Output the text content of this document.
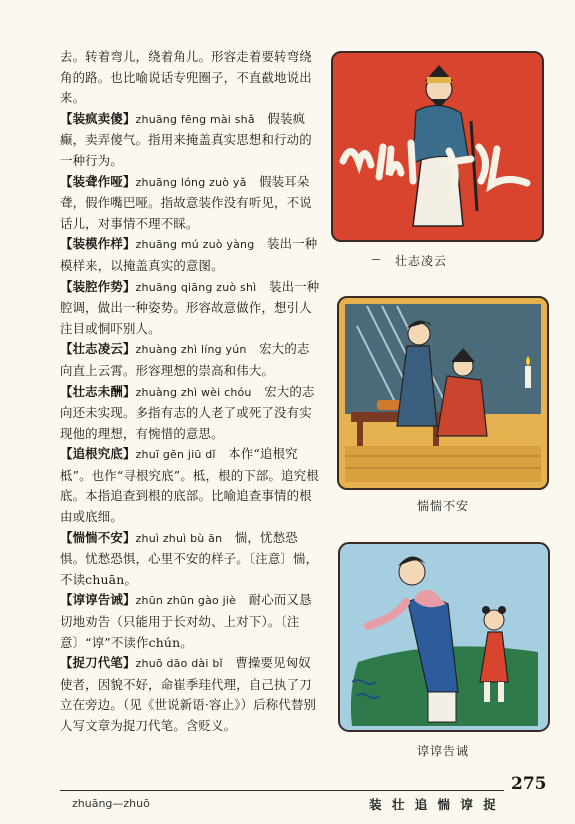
去。转着弯儿，绕着角儿。形容走着要转弯绕角的路。也比喻说话专兜圈子，不直截地说出来。

【装疯卖傻】zhuāng fēng mài shǎ  假装疯癫，卖弄傻气。指用来掩盖真实思想和行动的一种行为。

【装聋作哑】zhuāng lóng zuò yǎ  假装耳朵聋，假作嘴巴哑。指故意装作没有听见，不说话儿，对事情不理不睬。

【装模作样】zhuāng mú zuò yàng  装出一种模样来，以掩盖真实的意图。

【装腔作势】zhuāng qiāng zuò shì  装出一种腔调，做出一种姿势。形容故意做作，想引人注目或恫吓别人。

【壮志凌云】zhuàng zhì líng yún  宏大的志向直上云霄。形容理想的崇高和伟大。

【壮志未酬】zhuàng zhì wèi chóu  宏大的志向还未实现。多指有志的人老了或死了没有实现他的理想，有惋惜的意思。

【追根究底】zhuī gēn jiū dǐ  本作“追根究柢”。也作“寻根究底”。柢，根的下部。追究根底。本指追查到根的底部。比喻追查事情的根由或底细。

【惴惴不安】zhuì zhuì bù ān  惴，忧愁恐惧。忧愁恐惧，心里不安的样子。〔注意〕惴，不读chuān。

【谆谆告诫】zhūn zhūn gào jiè  耐心而又恳切地劝告（只能用于长对幼、上对下）。〔注意〕“谆”不读作chún。

【捉刀代笔】zhuō dāo dài bǐ  曹操要见匈奴使者，因貌不好，命崔季珪代理，自己执了刀立在旁边。（见《世说新语·容止》）后称代替别人写文章为捉刀代笔。含贬义。

山河人我逸
壮志凌云
惴惴不安
谆谆告诫
275
zhuāng—zhuō	装 壮 追 惴 谆 捉
